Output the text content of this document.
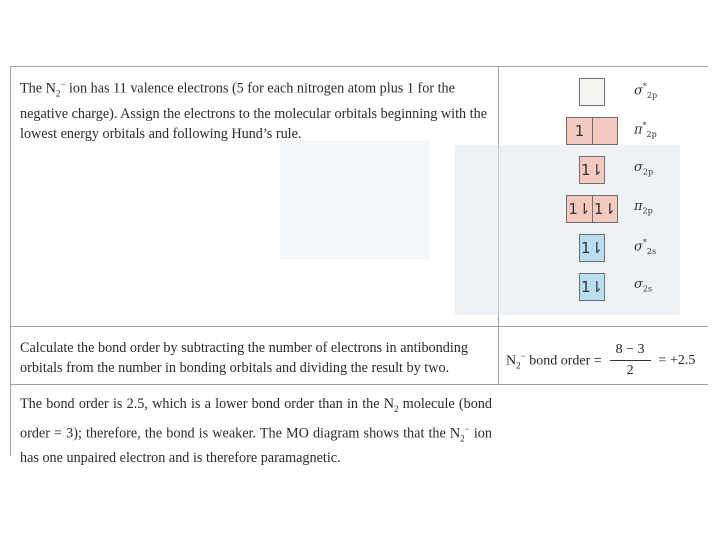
The $N_2^-$ ion has 11 valence electrons (5 for each nitrogen atom plus 1 for the negative charge). Assign the electrons to the molecular orbitals beginning with the lowest energy orbitals and following Hund’s rule.
$\sigma^*_{2p}$
1	$\pi^*_{2p}$
1⇂ $\sigma_{2p}$
1⇂ 1⇂ $\pi_{2p}$
1⇂ $\sigma^*_{2s}$
1⇂ $\sigma_{2s}$
Calculate the bond order by subtracting the number of electrons in antibonding orbitals from the number in bonding orbitals and dividing the result by two.	$N_2^-$ bond order = $\frac{8 - 3}{2} = +2.5$
The bond order is 2.5, which is a lower bond order than in the $N_2$ molecule (bond order = 3); therefore, the bond is weaker. The MO diagram shows that the $N_2^-$ ion has one unpaired electron and is therefore paramagnetic.
